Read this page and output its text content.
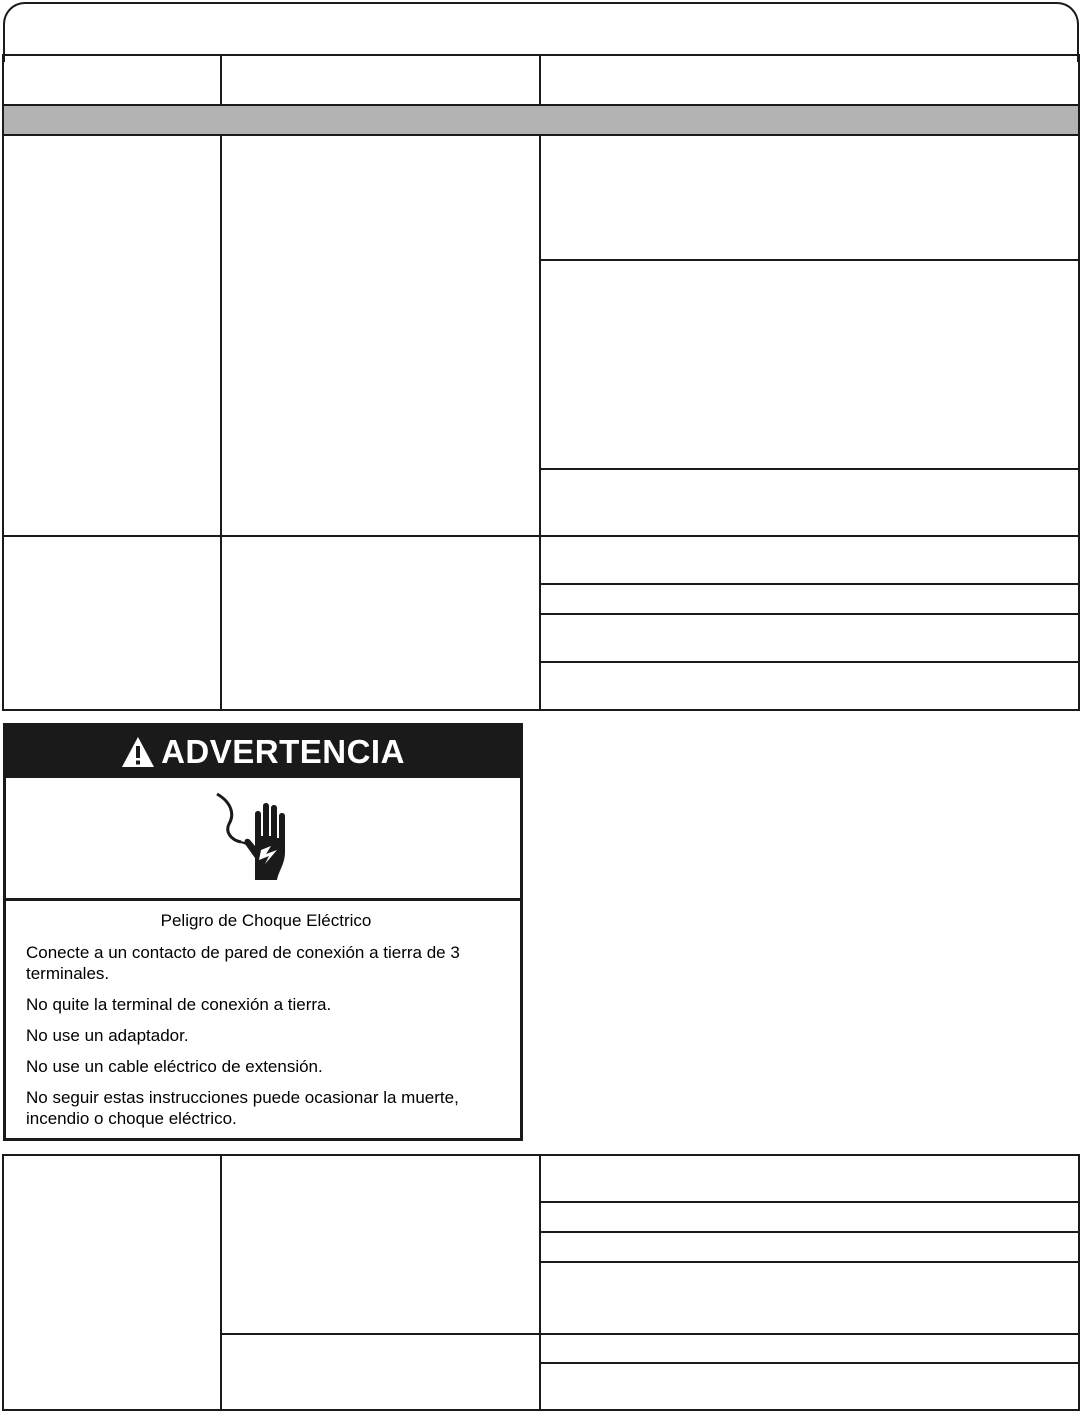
ADVERTENCIA

Peligro de Choque Eléctrico

Conecte a un contacto de pared de conexión a tierra de 3 terminales.

No quite la terminal de conexión a tierra.

No use un adaptador.

No use un cable eléctrico de extensión.

No seguir estas instrucciones puede ocasionar la muerte, incendio o choque eléctrico.
